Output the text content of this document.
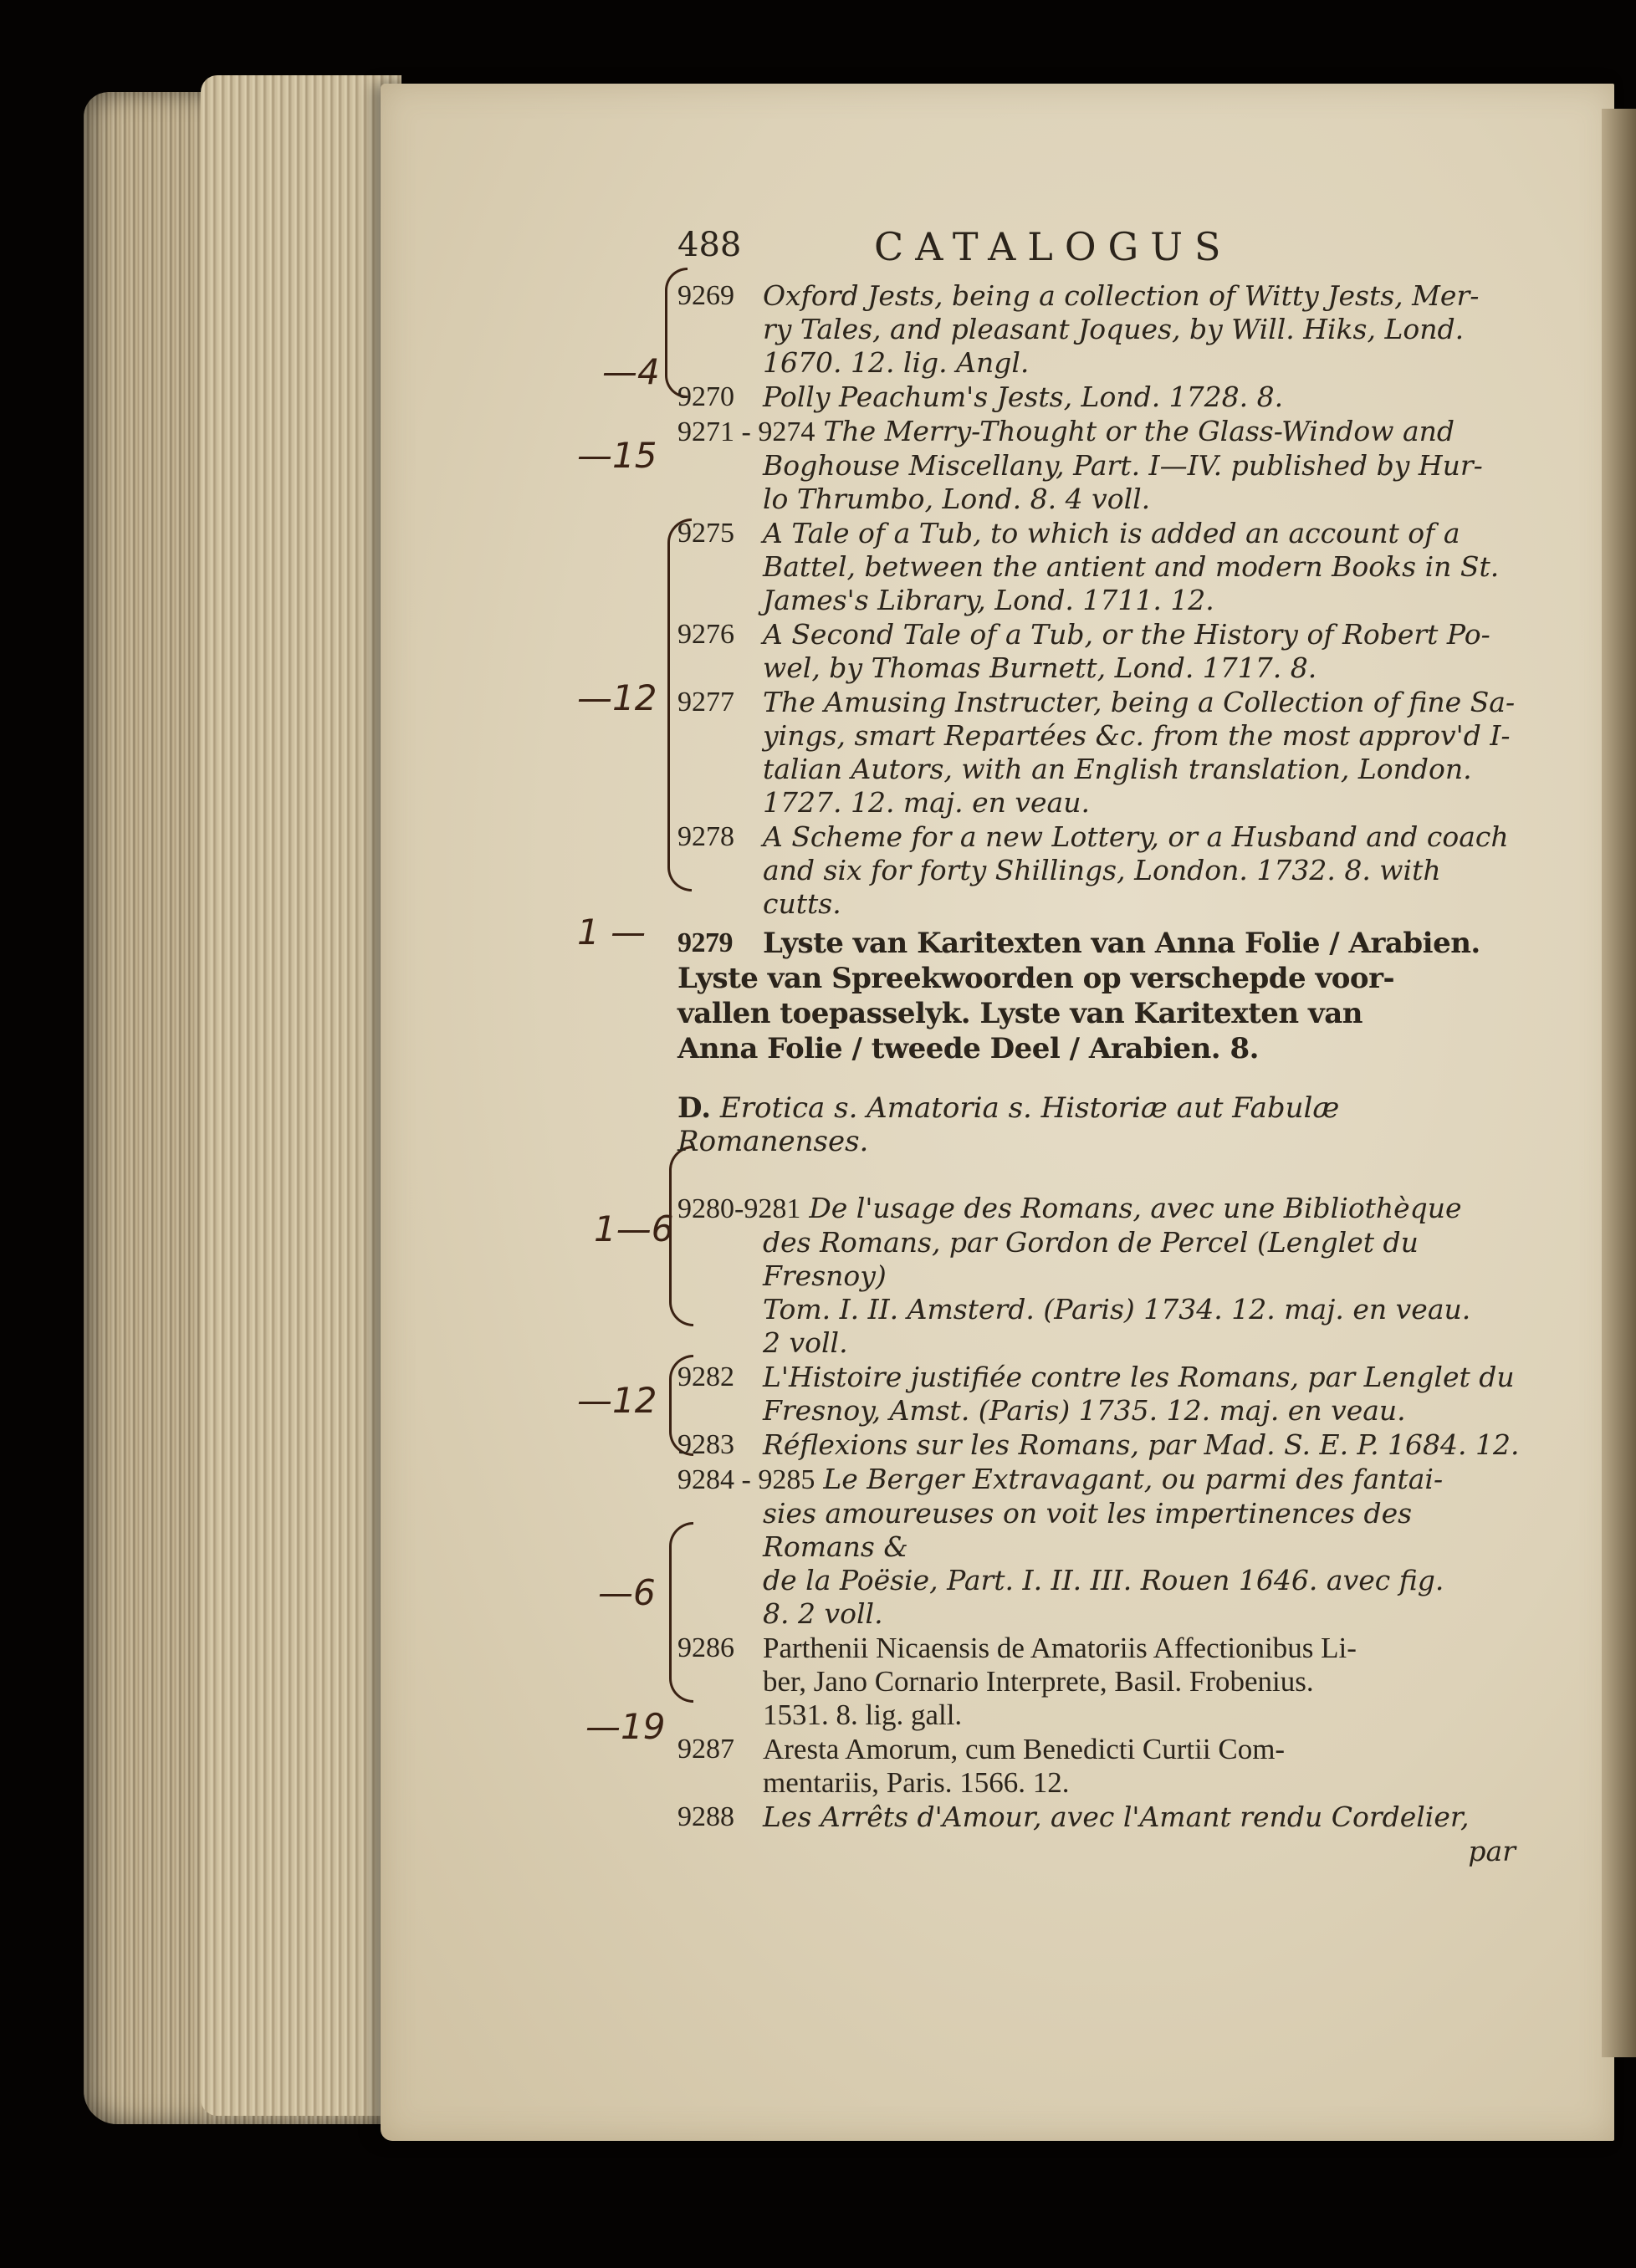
—4
—15
—12
1 —
1—6
—12
—6
—19
488	CATALOGUS
9269 Oxford Jests, being a collection of Witty Jests, Mer-
ry Tales, and pleasant Joques, by Will. Hiks, Lond.
1670. 12. lig. Angl.
9270 Polly Peachum's Jests, Lond. 1728. 8.
9271 - 9274 The Merry-Thought or the Glass-Window and
Boghouse Miscellany, Part. I—IV. published by Hur-
lo Thrumbo, Lond. 8. 4 voll.
9275 A Tale of a Tub, to which is added an account of a
Battel, between the antient and modern Books in St.
James's Library, Lond. 1711. 12.
9276 A Second Tale of a Tub, or the History of Robert Po-
wel, by Thomas Burnett, Lond. 1717. 8.
9277 The Amusing Instructer, being a Collection of fine Sa-
yings, smart Repartées &c. from the most approv'd I-
talian Autors, with an English translation, London.
1727. 12. maj. en veau.
9278 A Scheme for a new Lottery, or a Husband and coach
and six for forty Shillings, London. 1732. 8. with cutts.
9279 Lyste van Karitexten van Anna Folie / Arabien.
Lyste van Spreekwoorden op verschepde voor-
vallen toepasselyk. Lyste van Karitexten van
Anna Folie / tweede Deel / Arabien. 8.
D. Erotica s. Amatoria s. Historiæ aut Fabulæ Romanenses.
9280-9281 De l'usage des Romans, avec une Bibliothèque
des Romans, par Gordon de Percel (Lenglet du Fresnoy)
Tom. I. II. Amsterd. (Paris) 1734. 12. maj. en veau.
2 voll.
9282 L'Histoire justifiée contre les Romans, par Lenglet du
Fresnoy, Amst. (Paris) 1735. 12. maj. en veau.
9283 Réflexions sur les Romans, par Mad. S. E. P. 1684. 12.
9284 - 9285 Le Berger Extravagant, ou parmi des fantai-
sies amoureuses on voit les impertinences des Romans &
de la Poësie, Part. I. II. III. Rouen 1646. avec fig.
8. 2 voll.
9286 Parthenii Nicaensis de Amatoriis Affectionibus Li-
ber, Jano Cornario Interprete, Basil. Frobenius.
1531. 8. lig. gall.
9287 Aresta Amorum, cum Benedicti Curtii Com-
mentariis, Paris. 1566. 12.
9288 Les Arrêts d'Amour, avec l'Amant rendu Cordelier,
par
